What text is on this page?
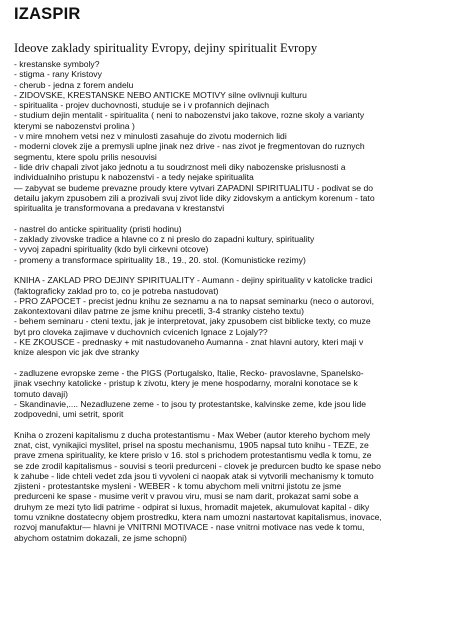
IZASPIR
Ideove zaklady spirituality Evropy, dejiny spiritualit Evropy
- krestanske symboly?
- stigma - rany Kristovy
- cherub - jedna z forem andelu
- ZIDOVSKE, KRESTANSKE NEBO ANTICKE MOTIVY silne ovlivnuji kulturu
- spiritualita - projev duchovnosti, studuje se i v profannich dejinach
- studium dejin mentalit - spiritualita ( neni to nabozenstvi jako takove, rozne skoly a varianty
kterymi se nabozenstvi prolina )
- v mire mnohem vetsi nez v minulosti zasahuje do zivotu modernich lidi
- moderni clovek zije a premysli uplne jinak nez drive - nas zivot je fregmentovan do ruznych
segmentu, ktere spolu prilis nesouvisi
- lide driv chapali zivot jako jednotu a tu soudrznost meli diky nabozenske prislusnosti a
individualniho pristupu k nabozenstvi - a tedy nejake spiritualita
— zabyvat se budeme prevazne proudy ktere vytvari ZAPADNI SPIRITUALITU - podivat se do
detailu jakym zpusobem zili a prozivali svuj zivot lide diky zidovskym a antickym korenum - tato
spiritualita je transformovana a predavana v krestanstvi
- nastrel do anticke spirituality (pristi hodinu)
- zaklady zivovske tradice a hlavne co z ni preslo do zapadni kultury, spirituality
- vyvoj zapadni spirituality (kdo byli cirkevni otcove)
- promeny a transformace spirituality 18., 19., 20. stol. (Komunisticke rezimy)
KNIHA - ZAKLAD PRO DEJINY SPIRITUALITY - Aumann - dejiny spirituality v katolicke tradici
(faktograficky zaklad pro to, co je potreba nastudovat)
- PRO ZAPOCET - precist jednu knihu ze seznamu a na to napsat seminarku (neco o autorovi,
zakontextovani dilav patrne ze jsme knihu precetli, 3-4 stranky cisteho textu)
- behem seminaru - cteni textu, jak je interpretovat, jaky zpusobem cist biblicke texty, co muze
byt pro cloveka zajimave v duchovnich cvicenich Ignace z Lojaly??
- KE ZKOUSCE - prednasky + mit nastudovaneho Aumanna - znat hlavni autory, kteri maji v
knize alespon vic jak dve stranky
- zadluzene evropske zeme - the PIGS (Portugalsko, Italie, Recko- pravoslavne, Spanelsko-
jinak vsechny katolicke - pristup k zivotu, ktery je mene hospodarny, moralni konotace se k
tomuto davaji)
- Skandinavie,.... Nezadluzene zeme - to jsou ty protestantske, kalvinske zeme, kde jsou lide
zodpovedni, umi setrit, sporit
Kniha o zrozeni kapitalismu z ducha protestantismu - Max Weber (autor ktereho bychom mely
znat, cist, vynikajici myslitel, prisel na spostu mechanismu, 1905 napsal tuto knihu - TEZE, ze
prave zmena spirituality, ke ktere prislo v 16. stol s prichodem protestantismu vedla k tomu, ze
se zde zrodil kapitalismus - souvisi s teorii predurceni - clovek je predurcen budto ke spase nebo
k zahube - lide chteli vedet zda jsou ti vyvoleni ci naopak atak si vytvorili mechanismy k tomuto
zjisteni - protestantske mysleni - WEBER - k tomu abychom meli vnitrni jistotu ze jsme
predurceni ke spase - musime verit v pravou viru, musi se nam darit, prokazat sami sobe a
druhym ze mezi tyto lidi patrime - odpirat si luxus, hromadit majetek, akumulovat kapital - diky
tomu vznikne dostatecny objem prostredku, ktera nam umozni nastartovat kapitalismus, inovace,
rozvoj manufaktur— hlavni je VNITRNI MOTIVACE - nase vnitrni motivace nas vede k tomu,
abychom ostatnim dokazali, ze jsme schopni)
